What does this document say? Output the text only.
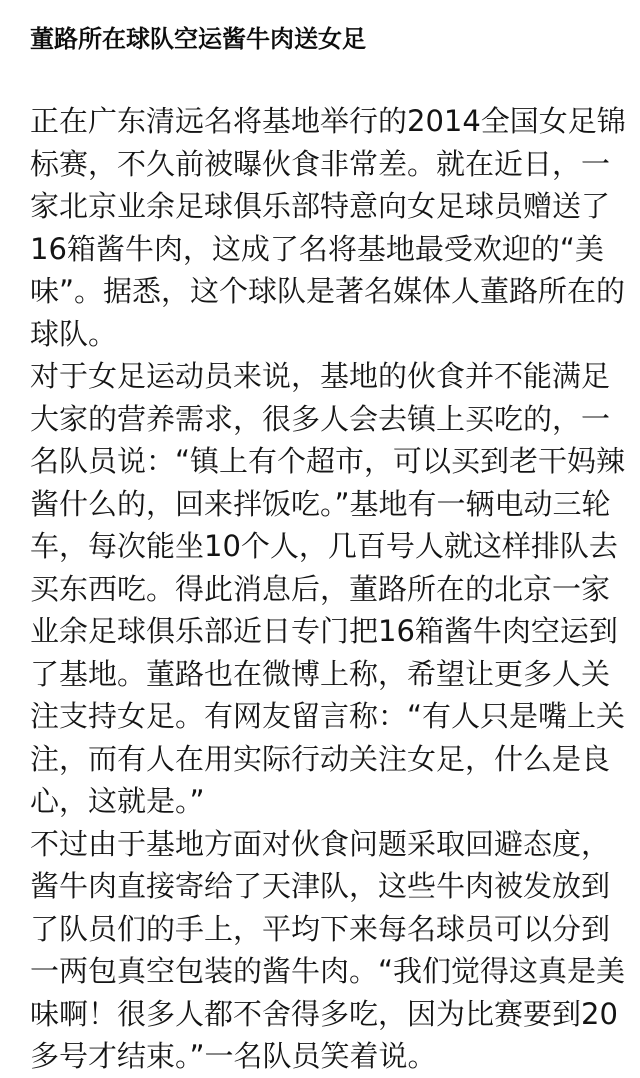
董路所在球队空运酱牛肉送女足
正在广东清远名将基地举行的2014全国女足锦
标赛，不久前被曝伙食非常差。就在近日，一
家北京业余足球俱乐部特意向女足球员赠送了
16箱酱牛肉，这成了名将基地最受欢迎的“美
味”。据悉，这个球队是著名媒体人董路所在的
球队。
对于女足运动员来说，基地的伙食并不能满足
大家的营养需求，很多人会去镇上买吃的，一
名队员说：“镇上有个超市，可以买到老干妈辣
酱什么的，回来拌饭吃。”基地有一辆电动三轮
车，每次能坐10个人，几百号人就这样排队去
买东西吃。得此消息后，董路所在的北京一家
业余足球俱乐部近日专门把16箱酱牛肉空运到
了基地。董路也在微博上称，希望让更多人关
注支持女足。有网友留言称：“有人只是嘴上关
注，而有人在用实际行动关注女足，什么是良
心，这就是。”
不过由于基地方面对伙食问题采取回避态度，
酱牛肉直接寄给了天津队，这些牛肉被发放到
了队员们的手上，平均下来每名球员可以分到
一两包真空包装的酱牛肉。“我们觉得这真是美
味啊！很多人都不舍得多吃，因为比赛要到20
多号才结束。”一名队员笑着说。
